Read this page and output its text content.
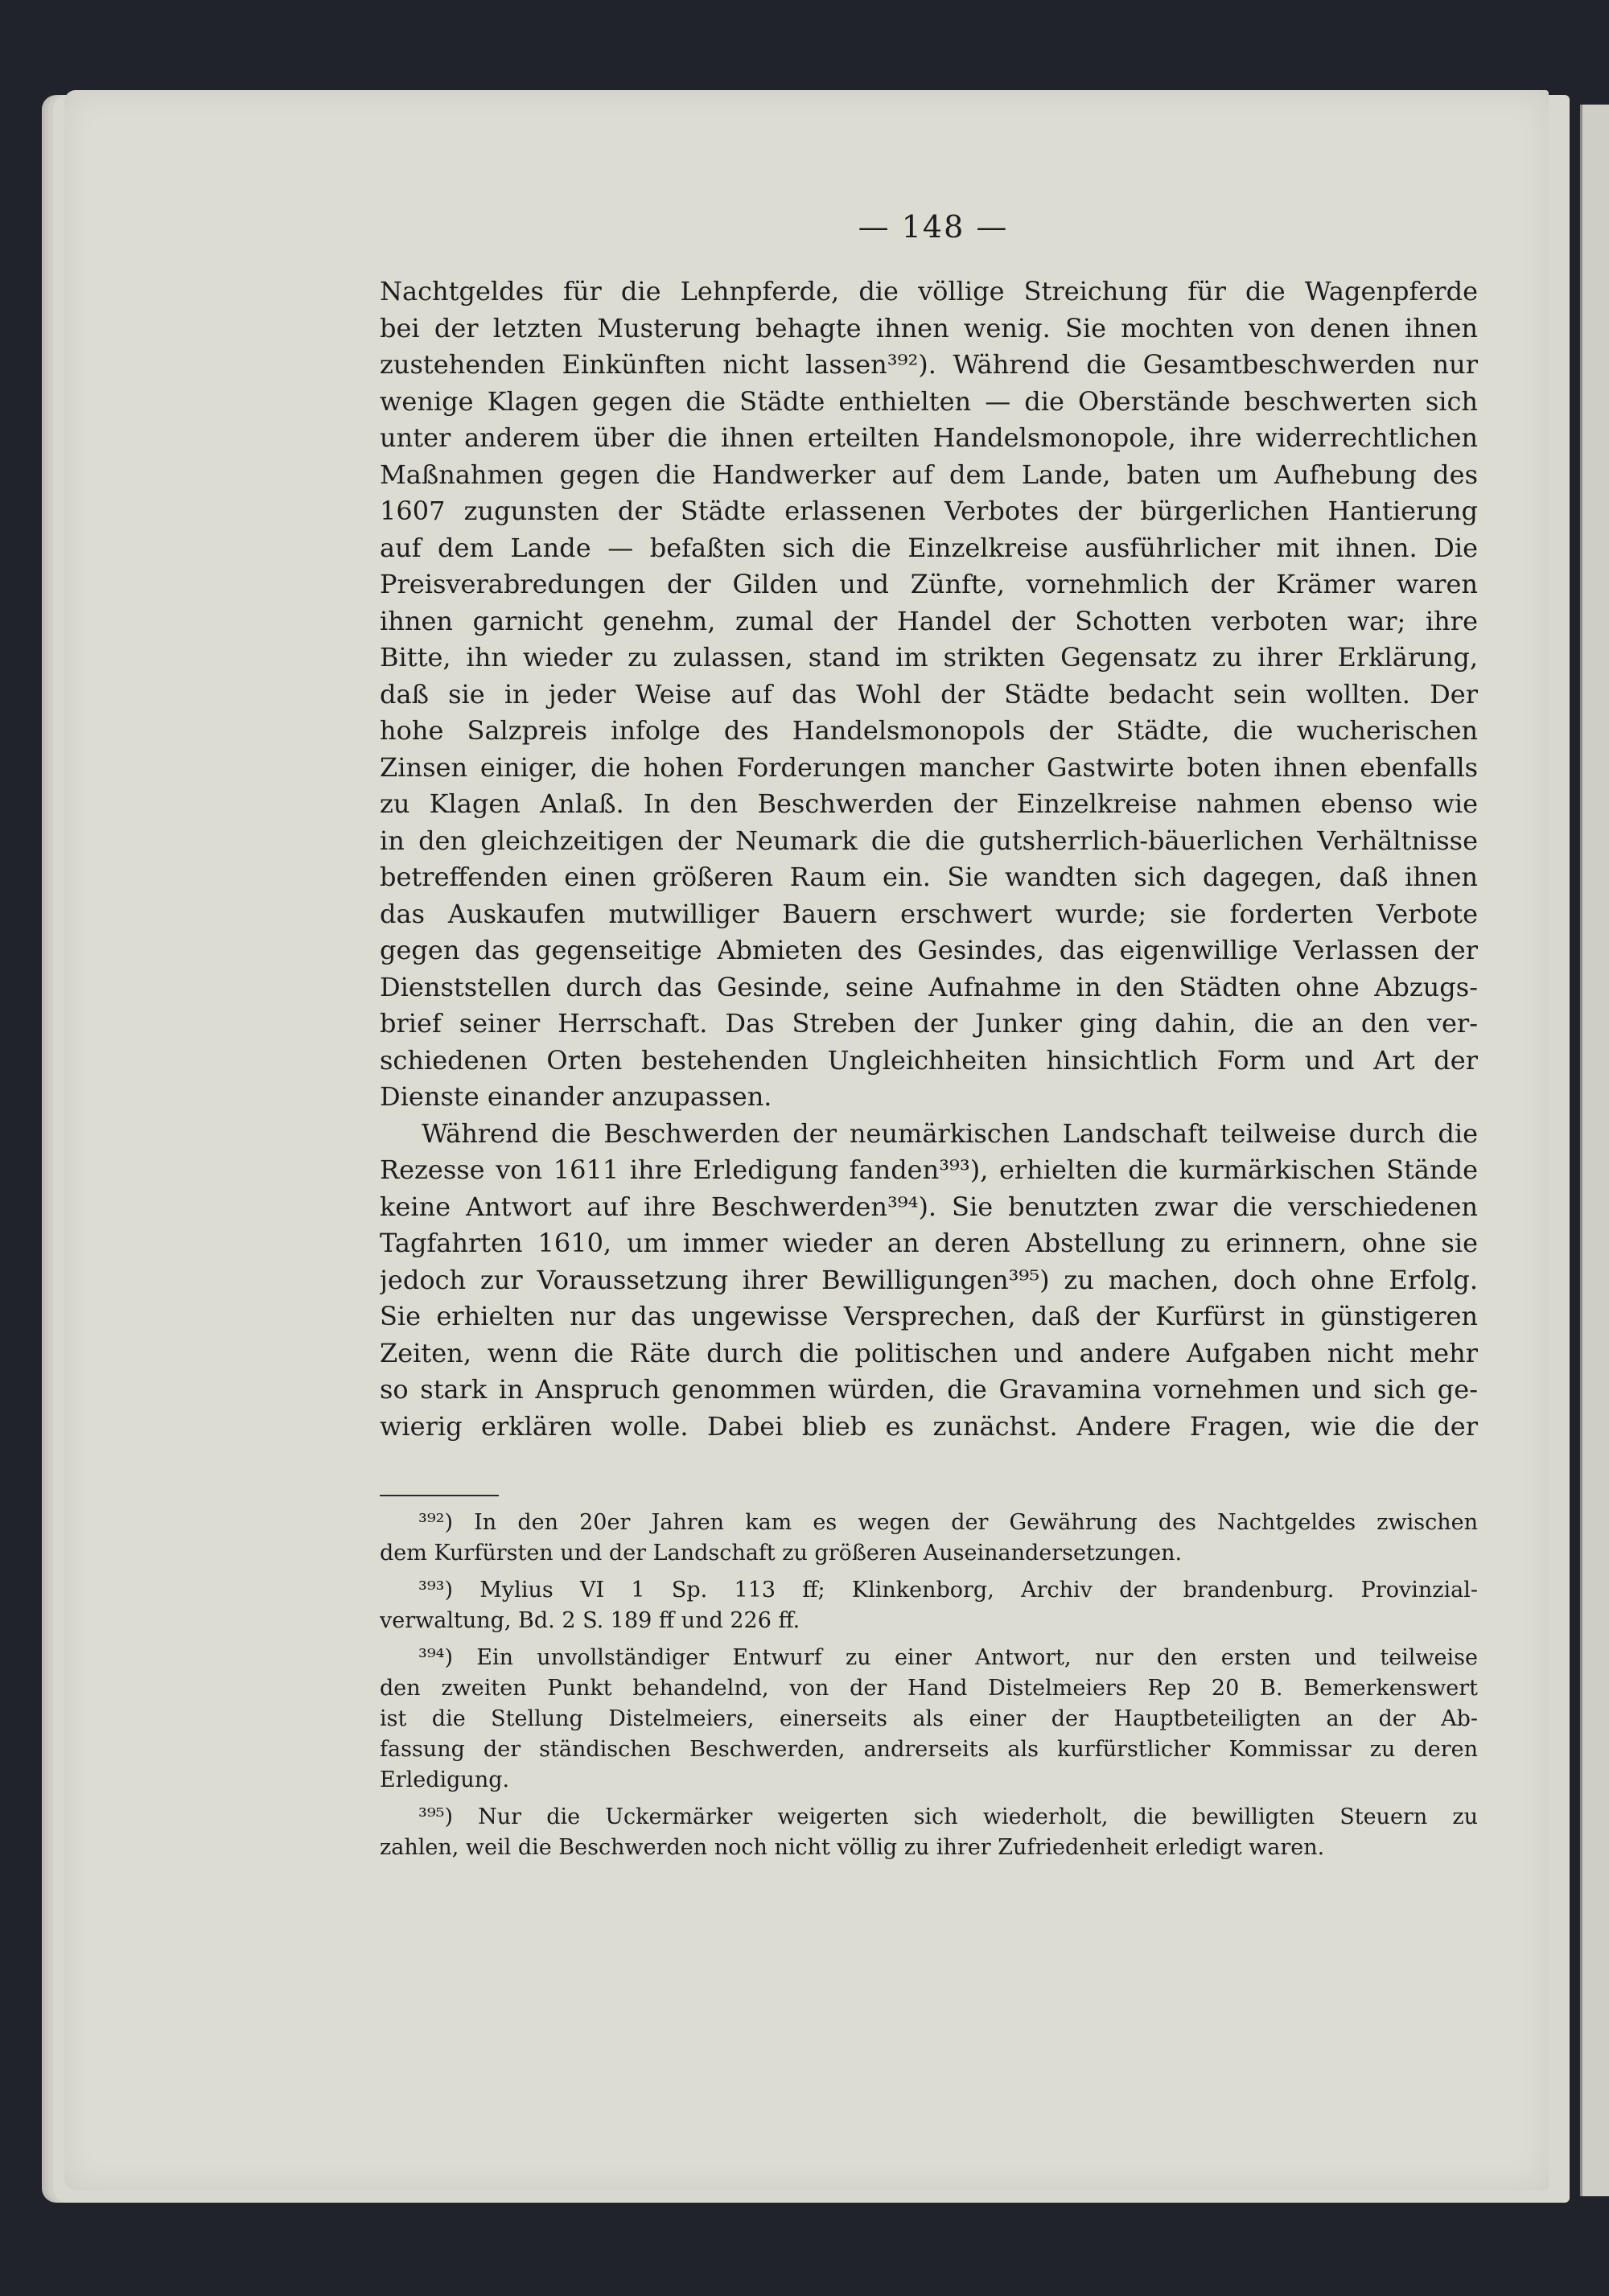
— 148 —
Nachtgeldes für die Lehnpferde, die völlige Streichung für die Wagenpferde
bei der letzten Musterung behagte ihnen wenig. Sie mochten von denen ihnen
zustehenden Einkünften nicht lassen³⁹²). Während die Gesamtbeschwerden nur
wenige Klagen gegen die Städte enthielten — die Oberstände beschwerten sich
unter anderem über die ihnen erteilten Handelsmonopole, ihre widerrechtlichen
Maßnahmen gegen die Handwerker auf dem Lande, baten um Aufhebung des
1607 zugunsten der Städte erlassenen Verbotes der bürgerlichen Hantierung
auf dem Lande — befaßten sich die Einzelkreise ausführlicher mit ihnen. Die
Preisverabredungen der Gilden und Zünfte, vornehmlich der Krämer waren
ihnen garnicht genehm, zumal der Handel der Schotten verboten war; ihre
Bitte, ihn wieder zu zulassen, stand im strikten Gegensatz zu ihrer Erklärung,
daß sie in jeder Weise auf das Wohl der Städte bedacht sein wollten. Der
hohe Salzpreis infolge des Handelsmonopols der Städte, die wucherischen
Zinsen einiger, die hohen Forderungen mancher Gastwirte boten ihnen ebenfalls
zu Klagen Anlaß. In den Beschwerden der Einzelkreise nahmen ebenso wie
in den gleichzeitigen der Neumark die die gutsherrlich-bäuerlichen Verhältnisse
betreffenden einen größeren Raum ein. Sie wandten sich dagegen, daß ihnen
das Auskaufen mutwilliger Bauern erschwert wurde; sie forderten Verbote
gegen das gegenseitige Abmieten des Gesindes, das eigenwillige Verlassen der
Dienststellen durch das Gesinde, seine Aufnahme in den Städten ohne Abzugs-
brief seiner Herrschaft. Das Streben der Junker ging dahin, die an den ver-
schiedenen Orten bestehenden Ungleichheiten hinsichtlich Form und Art der
Dienste einander anzupassen.
Während die Beschwerden der neumärkischen Landschaft teilweise durch die
Rezesse von 1611 ihre Erledigung fanden³⁹³), erhielten die kurmärkischen Stände
keine Antwort auf ihre Beschwerden³⁹⁴). Sie benutzten zwar die verschiedenen
Tagfahrten 1610, um immer wieder an deren Abstellung zu erinnern, ohne sie
jedoch zur Voraussetzung ihrer Bewilligungen³⁹⁵) zu machen, doch ohne Erfolg.
Sie erhielten nur das ungewisse Versprechen, daß der Kurfürst in günstigeren
Zeiten, wenn die Räte durch die politischen und andere Aufgaben nicht mehr
so stark in Anspruch genommen würden, die Gravamina vornehmen und sich ge-
wierig erklären wolle. Dabei blieb es zunächst. Andere Fragen, wie die der
³⁹²) In den 20er Jahren kam es wegen der Gewährung des Nachtgeldes zwischen
dem Kurfürsten und der Landschaft zu größeren Auseinandersetzungen.
³⁹³) Mylius VI 1 Sp. 113 ff; Klinkenborg, Archiv der brandenburg. Provinzial-
verwaltung, Bd. 2 S. 189 ff und 226 ff.
³⁹⁴) Ein unvollständiger Entwurf zu einer Antwort, nur den ersten und teilweise
den zweiten Punkt behandelnd, von der Hand Distelmeiers Rep 20 B. Bemerkenswert
ist die Stellung Distelmeiers, einerseits als einer der Hauptbeteiligten an der Ab-
fassung der ständischen Beschwerden, andrerseits als kurfürstlicher Kommissar zu deren
Erledigung.
³⁹⁵) Nur die Uckermärker weigerten sich wiederholt, die bewilligten Steuern zu
zahlen, weil die Beschwerden noch nicht völlig zu ihrer Zufriedenheit erledigt waren.
